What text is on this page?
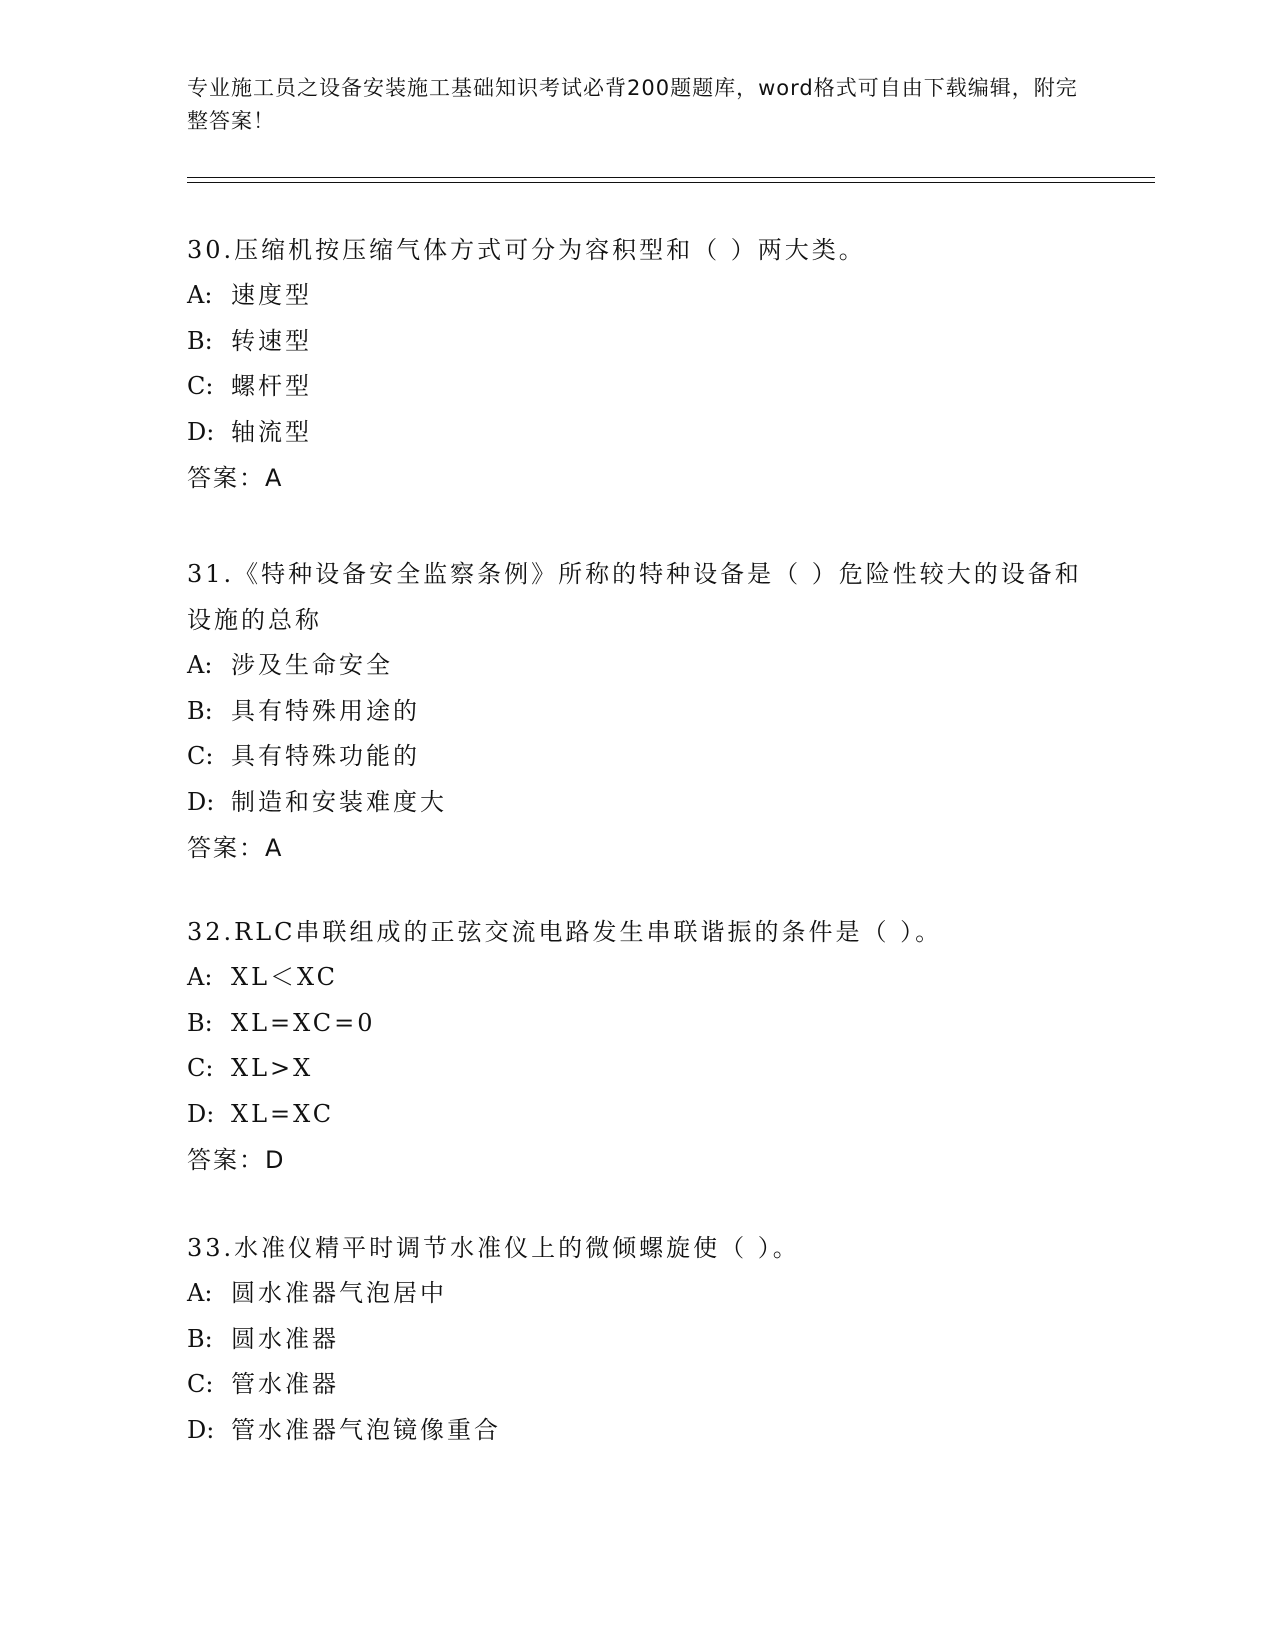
专业施工员之设备安装施工基础知识考试必背200题题库，word格式可自由下载编辑，附完整答案！
30.压缩机按压缩气体方式可分为容积型和（ ）两大类。
A: 速度型
B: 转速型
C: 螺杆型
D: 轴流型
答案：A
31.《特种设备安全监察条例》所称的特种设备是（ ）危险性较大的设备和设施的总称
A: 涉及生命安全
B: 具有特殊用途的
C: 具有特殊功能的
D: 制造和安装难度大
答案：A
32.RLC串联组成的正弦交流电路发生串联谐振的条件是（ ）。
A: XL＜XC
B: XL=XC=0
C: XL>X
D: XL=XC
答案：D
33.水准仪精平时调节水准仪上的微倾螺旋使（ ）。
A: 圆水准器气泡居中
B: 圆水准器
C: 管水准器
D: 管水准器气泡镜像重合
